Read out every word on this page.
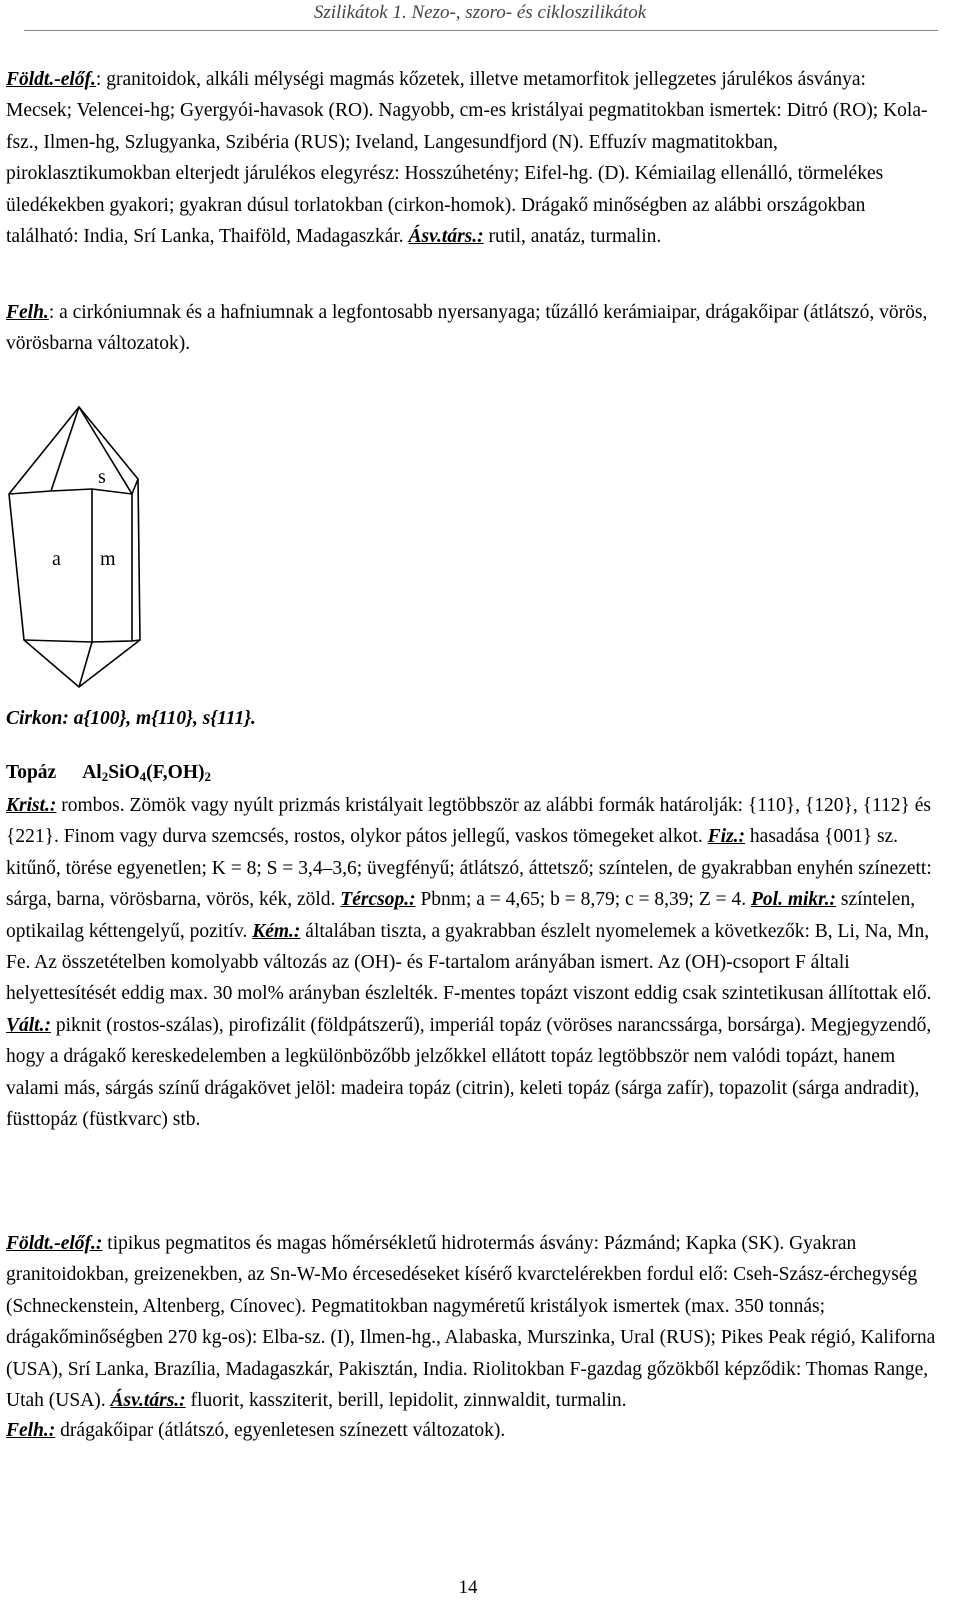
Szilikátok 1. Nezo-, szoro- és cikloszilikátok
Földt.-előf.: granitoidok, alkáli mélységi magmás kőzetek, illetve metamorfitok jellegzetes járulékos ásványa: Mecsek; Velencei-hg; Gyergyói-havasok (RO). Nagyobb, cm-es kristályai pegmatitokban ismertek: Ditró (RO); Kola-fsz., Ilmen-hg, Szlugyanka, Szibéria (RUS); Iveland, Langesundfjord (N). Effuzív magmatitokban, piroklasztikumokban elterjedt járulékos elegyrész: Hosszúhetény; Eifel-hg. (D). Kémiailag ellenálló, törmelékes üledékekben gyakori; gyakran dúsul torlatokban (cirkon-homok). Drágakő minőségben az alábbi országokban található: India, Srí Lanka, Thaiföld, Madagaszkár. Ásv.társ.: rutil, anatáz, turmalin.
Felh.: a cirkóniumnak és a hafniumnak a legfontosabb nyersanyaga; tűzálló kerámiaipar, drágakőipar (átlátszó, vörös, vörösbarna változatok).
s
a m
Cirkon: a{100}, m{110}, s{111}.
Topáz $Al_2SiO_4(F,OH)_2$
Krist.: rombos. Zömök vagy nyúlt prizmás kristályait legtöbbször az alábbi formák határolják: {110}, {120}, {112} és {221}. Finom vagy durva szemcsés, rostos, olykor pátos jellegű, vaskos tömegeket alkot. Fiz.: hasadása {001} sz. kitűnő, törése egyenetlen; K = 8; S = 3,4–3,6; üvegfényű; átlátszó, áttetsző; színtelen, de gyakrabban enyhén színezett: sárga, barna, vörösbarna, vörös, kék, zöld. Tércsop.: Pbnm; a = 4,65; b = 8,79; c = 8,39; Z = 4. Pol. mikr.: színtelen, optikailag kéttengelyű, pozitív. Kém.: általában tiszta, a gyakrabban észlelt nyomelemek a következők: B, Li, Na, Mn, Fe. Az összetételben komolyabb változás az (OH)- és F-tartalom arányában ismert. Az (OH)-csoport F általi helyettesítését eddig max. 30 mol% arányban észlelték. F-mentes topázt viszont eddig csak szintetikusan állítottak elő. Vált.: piknit (rostos-szálas), pirofizálit (földpátszerű), imperiál topáz (vöröses narancssárga, borsárga). Megjegyzendő, hogy a drágakő kereskedelemben a legkülönbözőbb jelzőkkel ellátott topáz legtöbbször nem valódi topázt, hanem valami más, sárgás színű drágakövet jelöl: madeira topáz (citrin), keleti topáz (sárga zafír), topazolit (sárga andradit), füsttopáz (füstkvarc) stb.
Földt.-előf.: tipikus pegmatitos és magas hőmérsékletű hidrotermás ásvány: Pázmánd; Kapka (SK). Gyakran granitoidokban, greizenekben, az Sn-W-Mo ércesedéseket kísérő kvarctelérekben fordul elő: Cseh-Szász-érchegység (Schneckenstein, Altenberg, Cínovec). Pegmatitokban nagyméretű kristályok ismertek (max. 350 tonnás; drágakőminőségben 270 kg-os): Elba-sz. (I), Ilmen-hg., Alabaska, Murszinka, Ural (RUS); Pikes Peak régió, Kaliforna (USA), Srí Lanka, Brazília, Madagaszkár, Pakisztán, India. Riolitokban F-gazdag gőzökből képződik: Thomas Range, Utah (USA). Ásv.társ.: fluorit, kassziterit, berill, lepidolit, zinnwaldit, turmalin.
Felh.: drágakőipar (átlátszó, egyenletesen színezett változatok).
14
